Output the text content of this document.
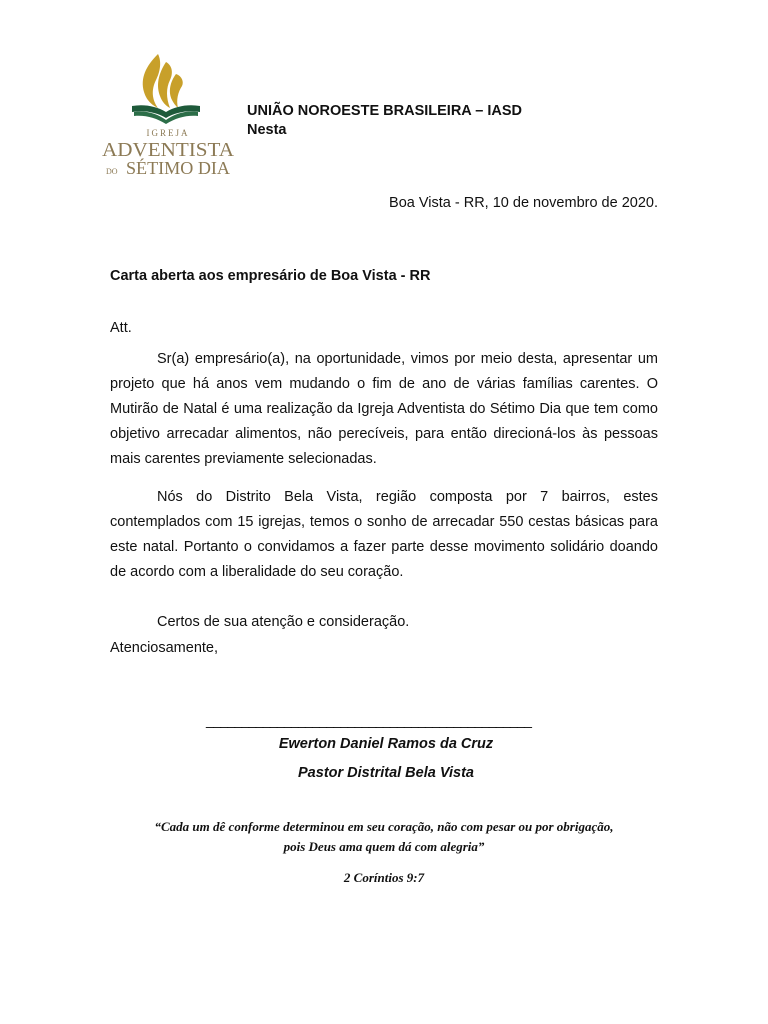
IGREJA
ADVENTISTA
DO SÉTIMO DIA
UNIÃO NOROESTE BRASILEIRA – IASD
Nesta
Boa Vista - RR, 10 de novembro de 2020.
Carta aberta aos empresário de Boa Vista - RR
Att.
Sr(a) empresário(a), na oportunidade, vimos por meio desta, apresentar um projeto que há anos vem mudando o fim de ano de várias famílias carentes. O Mutirão de Natal é uma realização da Igreja Adventista do Sétimo Dia que tem como objetivo arrecadar alimentos, não perecíveis, para então direcioná-los às pessoas mais carentes previamente selecionadas.
Nós do Distrito Bela Vista, região composta por 7 bairros, estes contemplados com 15 igrejas, temos o sonho de arrecadar 550 cestas básicas para este natal. Portanto o convidamos a fazer parte desse movimento solidário doando de acordo com a liberalidade do seu coração.
Certos de sua atenção e consideração.
Atenciosamente,
______________________________________________
Ewerton Daniel Ramos da Cruz
Pastor Distrital Bela Vista
“Cada um dê conforme determinou em seu coração, não com pesar ou por obrigação,
pois Deus ama quem dá com alegria”
2 Coríntios 9:7
